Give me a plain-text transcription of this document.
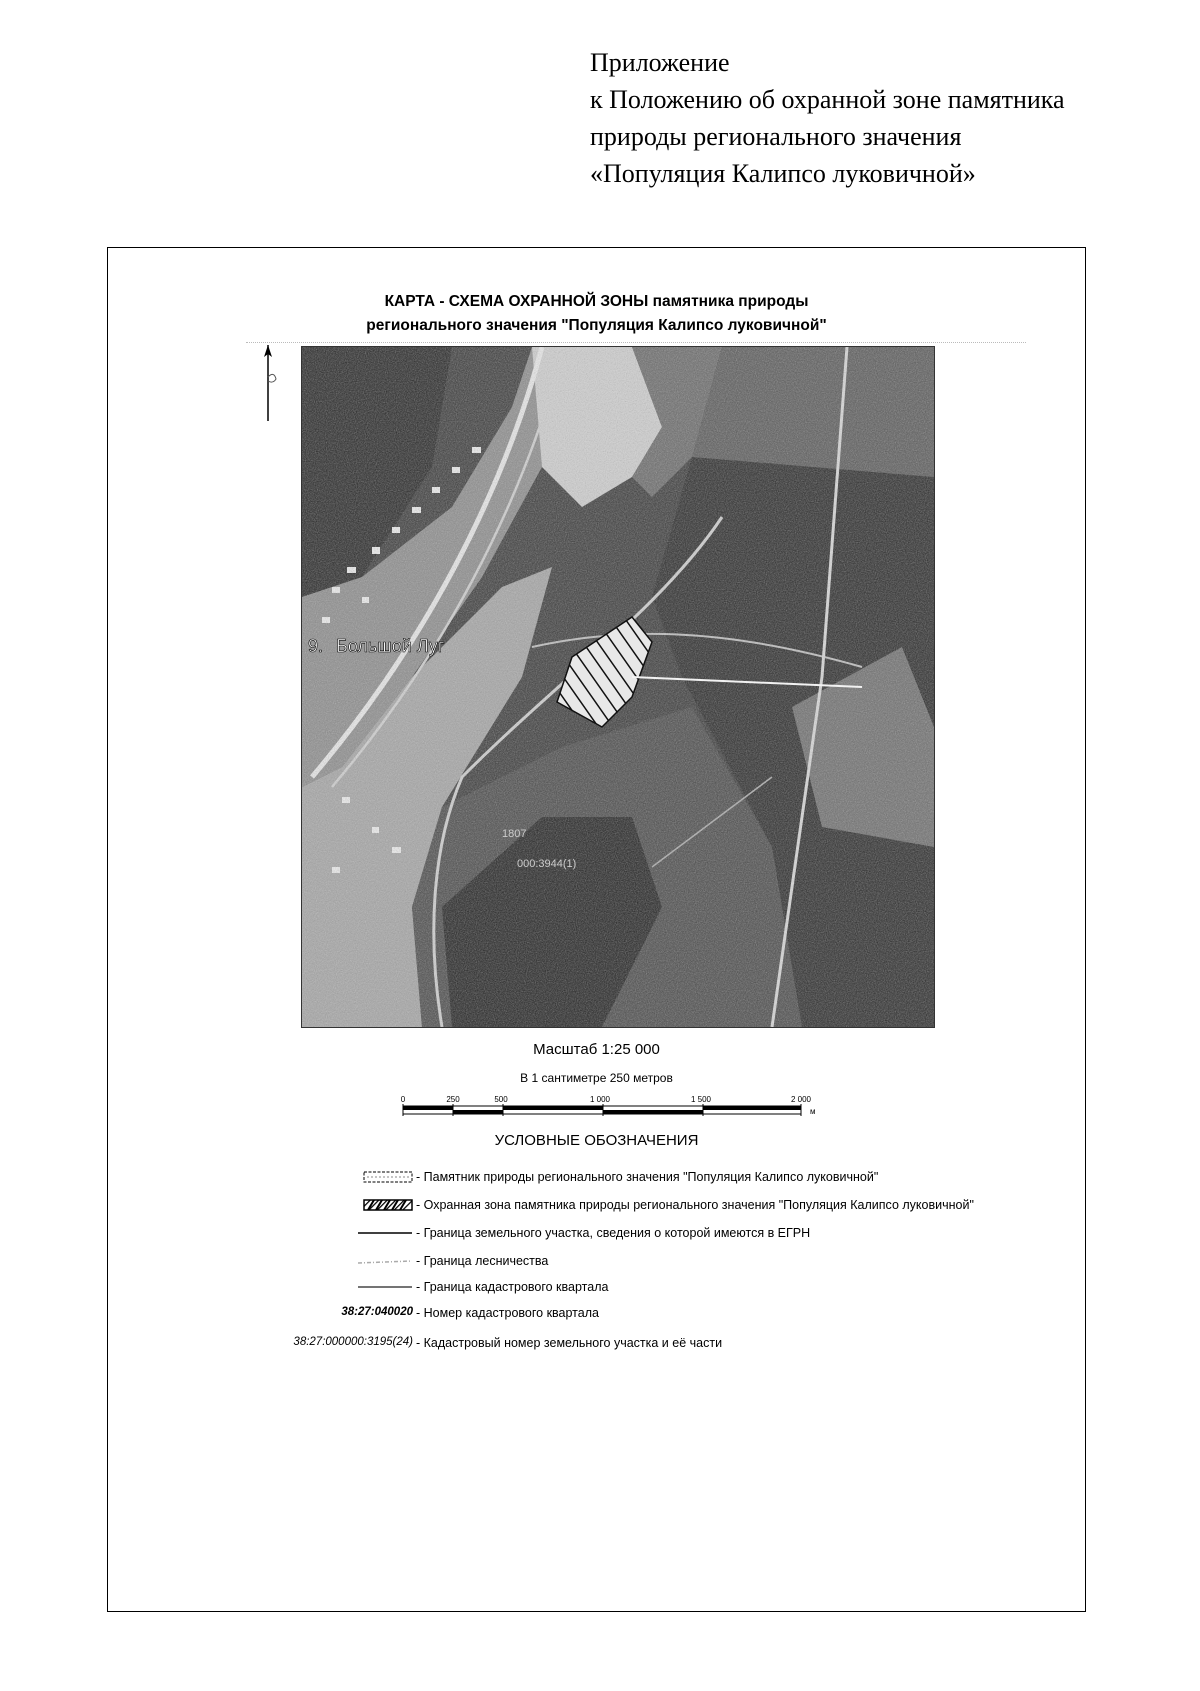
Приложение
к Положению об охранной зоне памятника
природы регионального значения
«Популяция Калипсо луковичной»
КАРТА - СХЕМА ОХРАННОЙ ЗОНЫ памятника природы
регионального значения "Популяция Калипсо луковичной"
Большой Луг
9.
1807
000:3944(1)
Масштаб 1:25 000
В 1 сантиметре 250 метров
0	250	500	1 000	1 500	2 000
м
УСЛОВНЫЕ ОБОЗНАЧЕНИЯ
- Памятник природы регионального значения "Популяция Калипсо луковичной"
- Охранная зона памятника природы регионального значения "Популяция Калипсо луковичной"
- Граница земельного участка, сведения о которой имеются в ЕГРН
- Граница лесничества
- Граница кадастрового квартала
38:27:040020 - Номер кадастрового квартала
38:27:000000:3195(24) - Кадастровый номер земельного участка и её части
